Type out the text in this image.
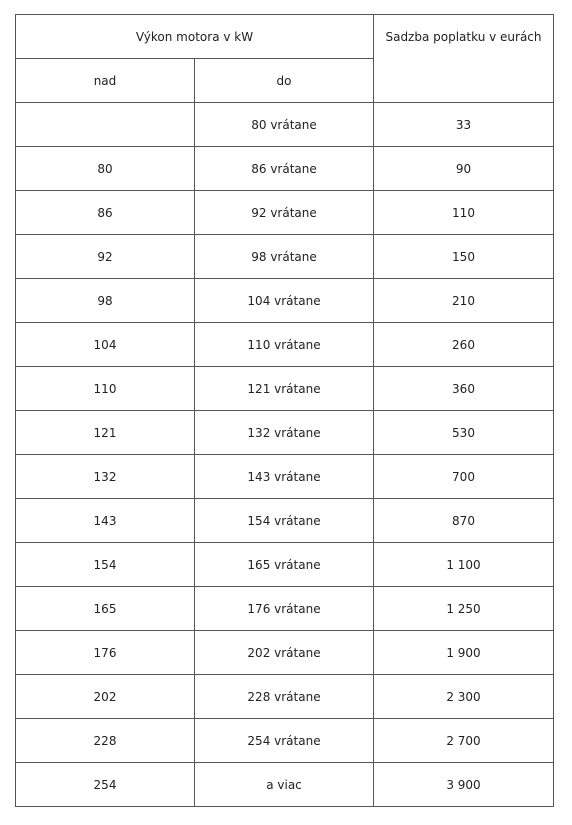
Výkon motora v kW		Sadzba poplatku v eurách
nad	do	
	80 vrátane	33
80	86 vrátane	90
86	92 vrátane	110
92	98 vrátane	150
98	104 vrátane	210
104	110 vrátane	260
110	121 vrátane	360
121	132 vrátane	530
132	143 vrátane	700
143	154 vrátane	870
154	165 vrátane	1 100
165	176 vrátane	1 250
176	202 vrátane	1 900
202	228 vrátane	2 300
228	254 vrátane	2 700
254	a viac	3 900
